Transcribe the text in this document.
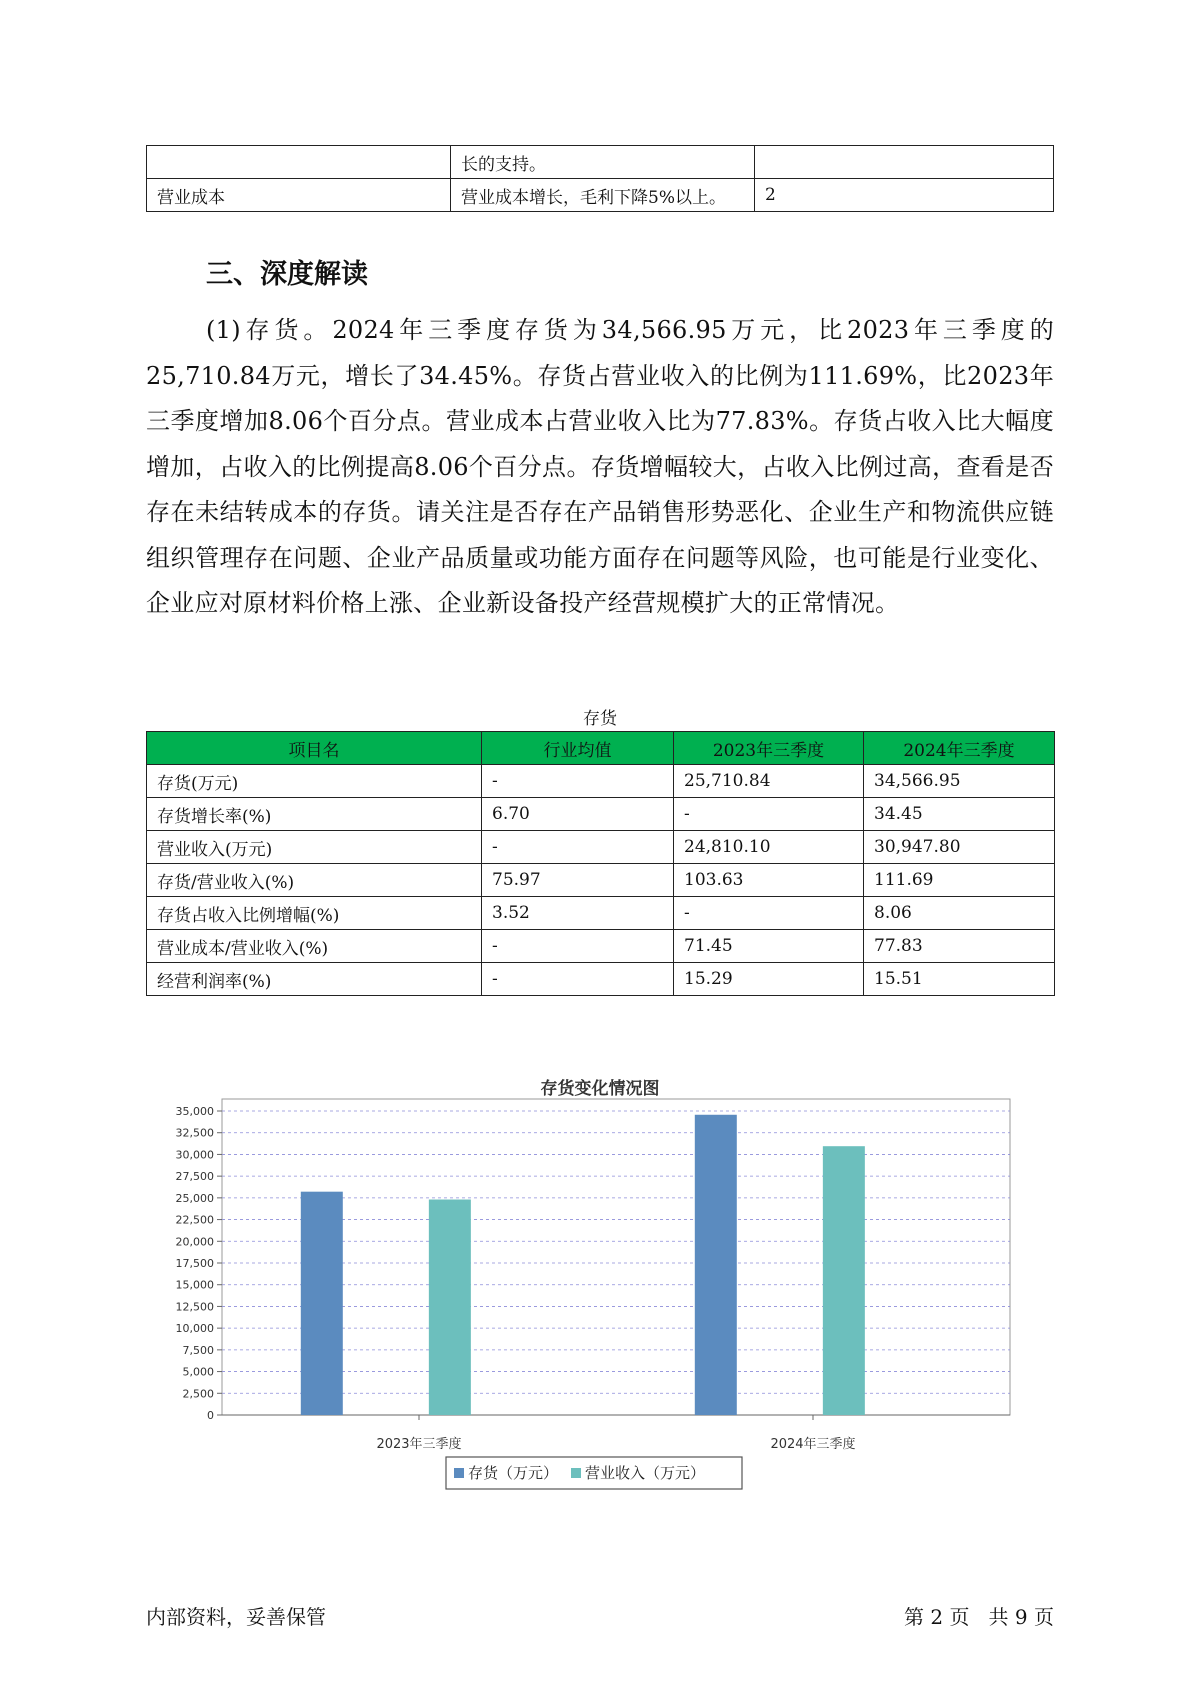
	长的支持。	
营业成本	营业成本增长，毛利下降5%以上。	2
三、深度解读

(1)存货。2024年三季度存货为34,566.95万元，比2023年三季度的25,710.84万元，增长了34.45%。存货占营业收入的比例为111.69%，比2023年三季度增加8.06个百分点。营业成本占营业收入比为77.83%。存货占收入比大幅度增加，占收入的比例提高8.06个百分点。存货增幅较大，占收入比例过高，查看是否存在未结转成本的存货。请关注是否存在产品销售形势恶化、企业生产和物流供应链组织管理存在问题、企业产品质量或功能方面存在问题等风险，也可能是行业变化、企业应对原材料价格上涨、企业新设备投产经营规模扩大的正常情况。

存货
项目名	行业均值	2023年三季度	2024年三季度
存货(万元)	-	25,710.84	34,566.95
存货增长率(%)	6.70	-	34.45
营业收入(万元)	-	24,810.10	30,947.80
存货/营业收入(%)	75.97	103.63	111.69
存货占收入比例增幅(%)	3.52	-	8.06
营业成本/营业收入(%)	-	71.45	77.83
经营利润率(%)	-	15.29	15.51
存货变化情况图
0
2,500
5,000
7,500
10,000
12,500
15,000
17,500
20,000
22,500
25,000
27,500
30,000
32,500
35,000
2023年三季度	2024年三季度
存货（万元） 营业收入（万元）
内部资料，妥善保管	第 2 页   共 9 页
